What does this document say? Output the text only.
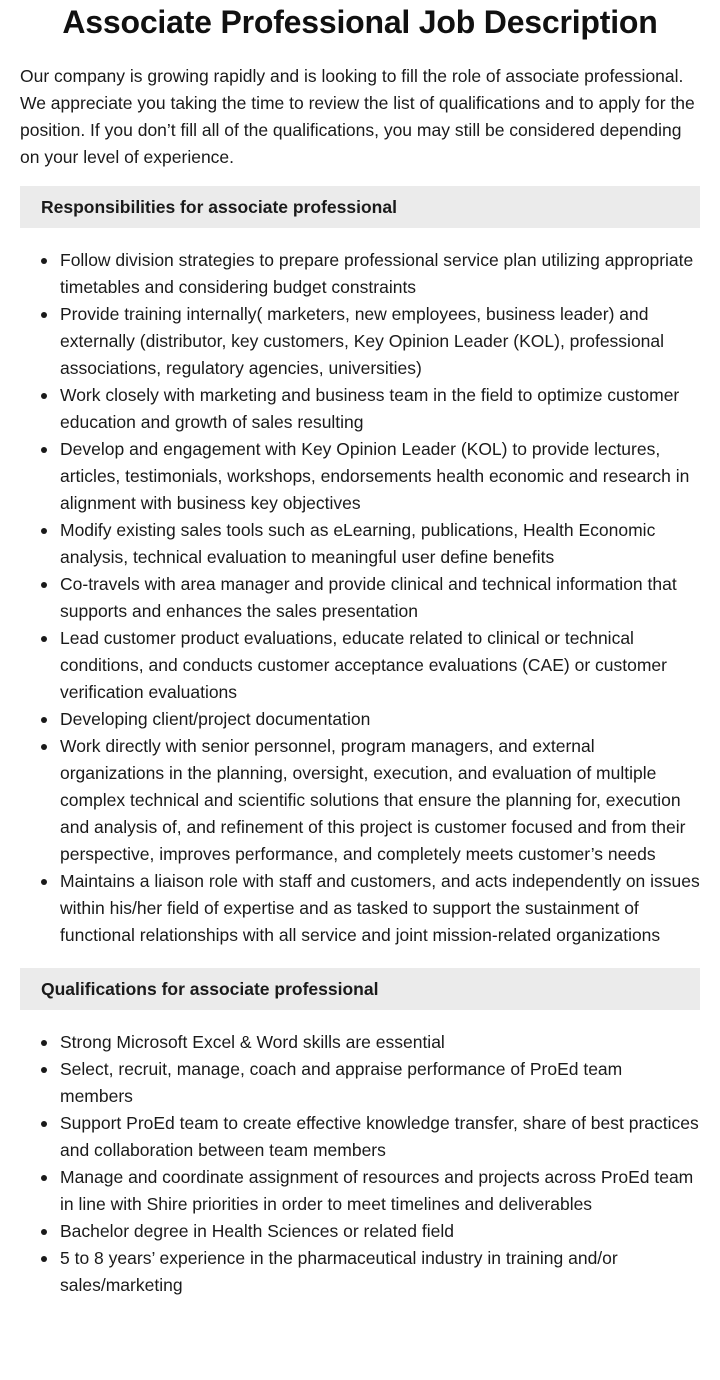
Associate Professional Job Description

Our company is growing rapidly and is looking to fill the role of associate professional. We appreciate you taking the time to review the list of qualifications and to apply for the position. If you don’t fill all of the qualifications, you may still be considered depending on your level of experience.

Responsibilities for associate professional
Follow division strategies to prepare professional service plan utilizing appropriate timetables and considering budget constraints
Provide training internally( marketers, new employees, business leader) and externally (distributor, key customers, Key Opinion Leader (KOL), professional associations, regulatory agencies, universities)
Work closely with marketing and business team in the field to optimize customer education and growth of sales resulting
Develop and engagement with Key Opinion Leader (KOL) to provide lectures, articles, testimonials, workshops, endorsements health economic and research in alignment with business key objectives
Modify existing sales tools such as eLearning, publications, Health Economic analysis, technical evaluation to meaningful user define benefits
Co-travels with area manager and provide clinical and technical information that supports and enhances the sales presentation
Lead customer product evaluations, educate related to clinical or technical conditions, and conducts customer acceptance evaluations (CAE) or customer verification evaluations
Developing client/project documentation
Work directly with senior personnel, program managers, and external organizations in the planning, oversight, execution, and evaluation of multiple complex technical and scientific solutions that ensure the planning for, execution and analysis of, and refinement of this project is customer focused and from their perspective, improves performance, and completely meets customer’s needs
Maintains a liaison role with staff and customers, and acts independently on issues within his/her field of expertise and as tasked to support the sustainment of functional relationships with all service and joint mission-related organizations
Qualifications for associate professional
Strong Microsoft Excel & Word skills are essential
Select, recruit, manage, coach and appraise performance of ProEd team members
Support ProEd team to create effective knowledge transfer, share of best practices and collaboration between team members
Manage and coordinate assignment of resources and projects across ProEd team in line with Shire priorities in order to meet timelines and deliverables
Bachelor degree in Health Sciences or related field
5 to 8 years’ experience in the pharmaceutical industry in training and/or sales/marketing
